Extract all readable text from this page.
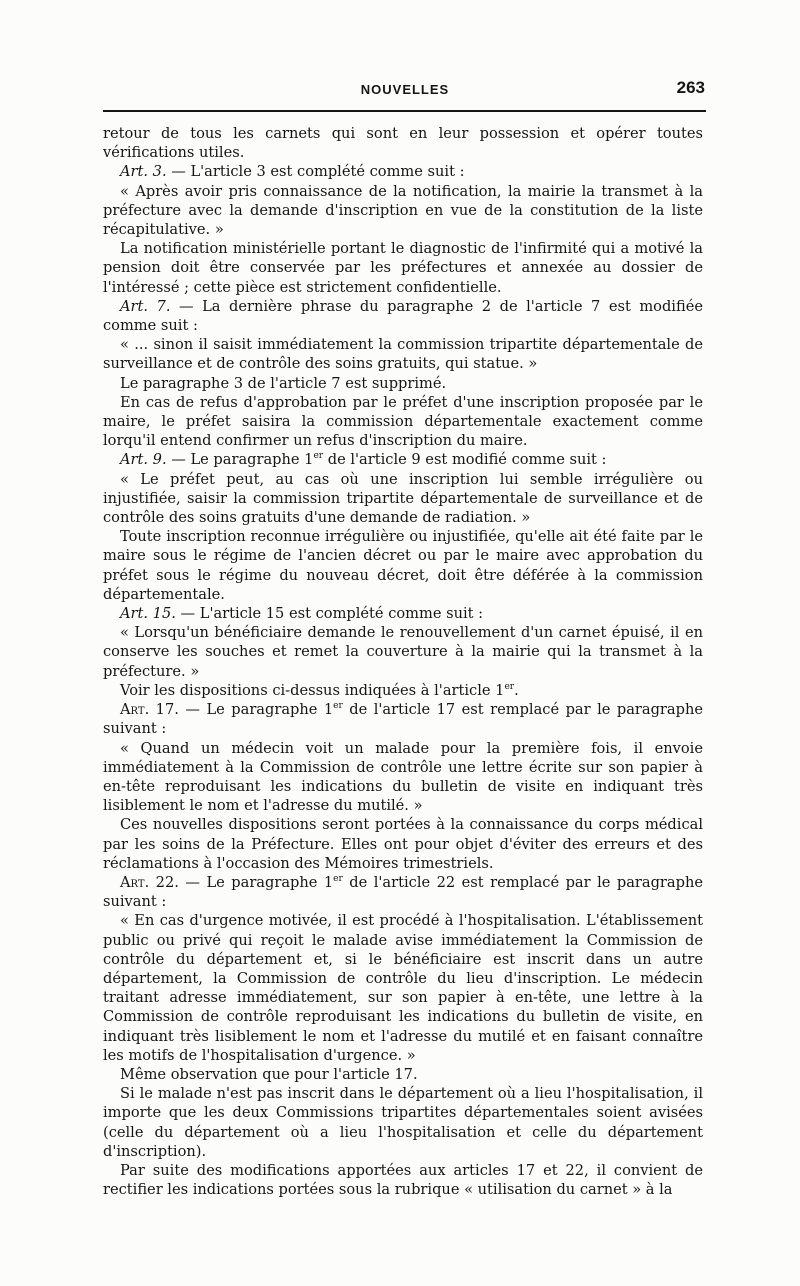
NOUVELLES	263

retour de tous les carnets qui sont en leur possession et opérer toutes vérifications utiles.

Art. 3. — L'article 3 est complété comme suit :

« Après avoir pris connaissance de la notification, la mairie la transmet à la préfecture avec la demande d'inscription en vue de la constitution de la liste récapitulative. »

La notification ministérielle portant le diagnostic de l'infirmité qui a motivé la pension doit être conservée par les préfectures et annexée au dossier de l'intéressé ; cette pièce est strictement confidentielle.

Art. 7. — La dernière phrase du paragraphe 2 de l'article 7 est modifiée comme suit :

« ... sinon il saisit immédiatement la commission tripartite départementale de surveillance et de contrôle des soins gratuits, qui statue. »

Le paragraphe 3 de l'article 7 est supprimé.

En cas de refus d'approbation par le préfet d'une inscription proposée par le maire, le préfet saisira la commission départementale exactement comme lorqu'il entend confirmer un refus d'inscription du maire.

Art. 9. — Le paragraphe 1er de l'article 9 est modifié comme suit :

« Le préfet peut, au cas où une inscription lui semble irrégulière ou injustifiée, saisir la commission tripartite départementale de surveillance et de contrôle des soins gratuits d'une demande de radiation. »

Toute inscription reconnue irrégulière ou injustifiée, qu'elle ait été faite par le maire sous le régime de l'ancien décret ou par le maire avec approbation du préfet sous le régime du nouveau décret, doit être déférée à la commission départementale.

Art. 15. — L'article 15 est complété comme suit :

« Lorsqu'un bénéficiaire demande le renouvellement d'un carnet épuisé, il en conserve les souches et remet la couverture à la mairie qui la transmet à la préfecture. »

Voir les dispositions ci-dessus indiquées à l'article 1er.

Art. 17. — Le paragraphe 1er de l'article 17 est remplacé par le paragraphe suivant :

« Quand un médecin voit un malade pour la première fois, il envoie immédiatement à la Commission de contrôle une lettre écrite sur son papier à en-tête reproduisant les indications du bulletin de visite en indiquant très lisiblement le nom et l'adresse du mutilé. »

Ces nouvelles dispositions seront portées à la connaissance du corps médical par les soins de la Préfecture. Elles ont pour objet d'éviter des erreurs et des réclamations à l'occasion des Mémoires trimestriels.

Art. 22. — Le paragraphe 1er de l'article 22 est remplacé par le paragraphe suivant :

« En cas d'urgence motivée, il est procédé à l'hospitalisation. L'établissement public ou privé qui reçoit le malade avise immédiatement la Commission de contrôle du département et, si le bénéficiaire est inscrit dans un autre département, la Commission de contrôle du lieu d'inscription. Le médecin traitant adresse immédiatement, sur son papier à en-tête, une lettre à la Commission de contrôle reproduisant les indications du bulletin de visite, en indiquant très lisiblement le nom et l'adresse du mutilé et en faisant connaître les motifs de l'hospitalisation d'urgence. »

Même observation que pour l'article 17.

Si le malade n'est pas inscrit dans le département où a lieu l'hospitalisation, il importe que les deux Commissions tripartites départementales soient avisées (celle du département où a lieu l'hospitalisation et celle du département d'inscription).

Par suite des modifications apportées aux articles 17 et 22, il convient de rectifier les indications portées sous la rubrique « utilisation du carnet » à la
